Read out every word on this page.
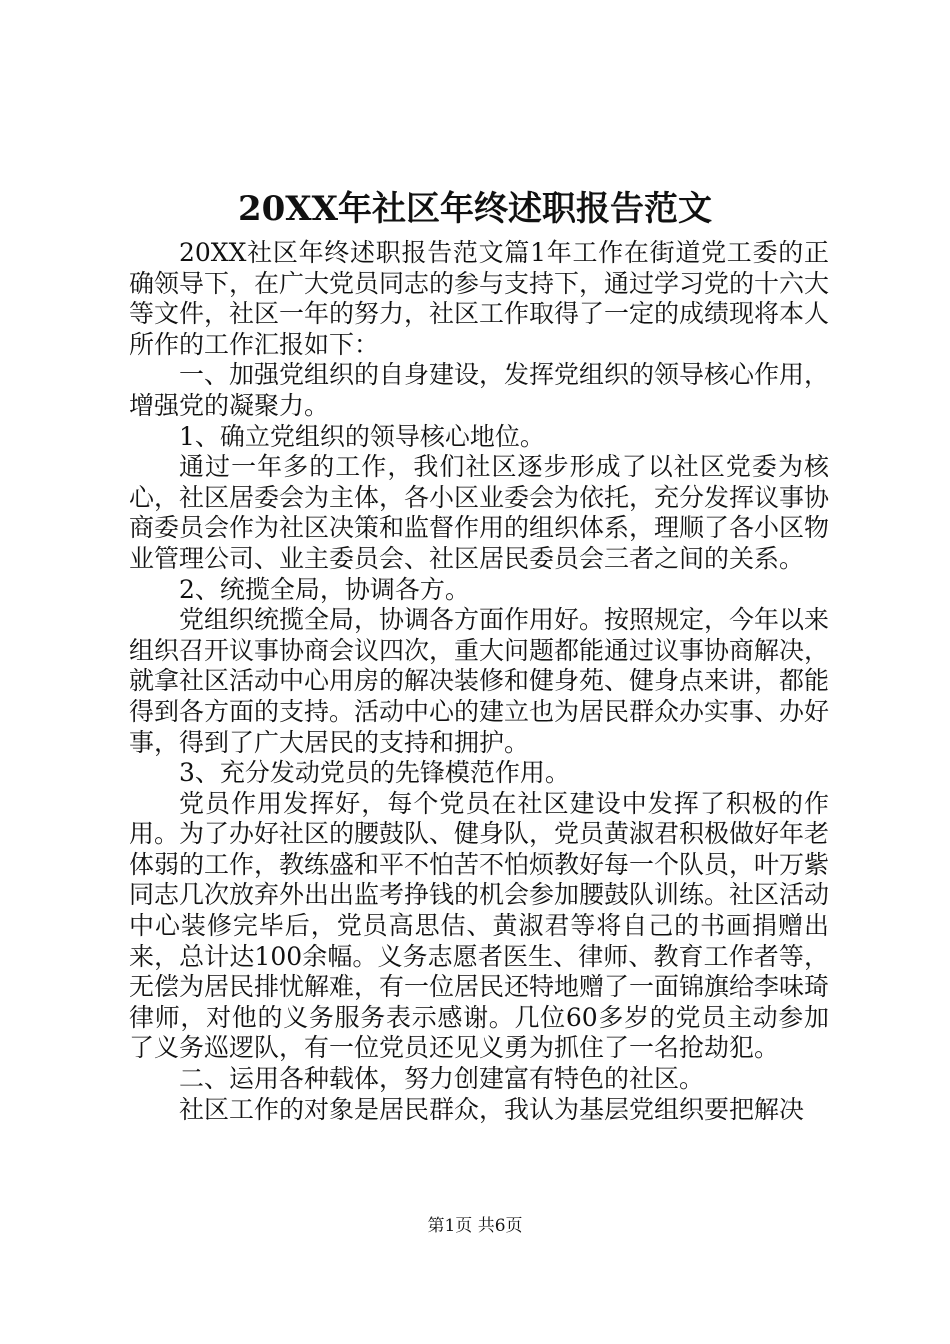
20XX年社区年终述职报告范文

20XX社区年终述职报告范文篇1年工作在街道党工委的正确领导下，在广大党员同志的参与支持下，通过学习党的十六大等文件，社区一年的努力，社区工作取得了一定的成绩现将本人所作的工作汇报如下：

一、加强党组织的自身建设，发挥党组织的领导核心作用，增强党的凝聚力。

1、确立党组织的领导核心地位。

通过一年多的工作，我们社区逐步形成了以社区党委为核心，社区居委会为主体，各小区业委会为依托，充分发挥议事协商委员会作为社区决策和监督作用的组织体系，理顺了各小区物业管理公司、业主委员会、社区居民委员会三者之间的关系。

2、统揽全局，协调各方。

党组织统揽全局，协调各方面作用好。按照规定，今年以来组织召开议事协商会议四次，重大问题都能通过议事协商解决，就拿社区活动中心用房的解决装修和健身苑、健身点来讲，都能得到各方面的支持。活动中心的建立也为居民群众办实事、办好事，得到了广大居民的支持和拥护。

3、充分发动党员的先锋模范作用。

党员作用发挥好，每个党员在社区建设中发挥了积极的作用。为了办好社区的腰鼓队、健身队，党员黄淑君积极做好年老体弱的工作，教练盛和平不怕苦不怕烦教好每一个队员，叶万紫同志几次放弃外出出监考挣钱的机会参加腰鼓队训练。社区活动中心装修完毕后，党员高思佶、黄淑君等将自己的书画捐赠出来，总计达100余幅。义务志愿者医生、律师、教育工作者等，无偿为居民排忧解难，有一位居民还特地赠了一面锦旗给李味琦律师，对他的义务服务表示感谢。几位60多岁的党员主动参加了义务巡逻队，有一位党员还见义勇为抓住了一名抢劫犯。

二、运用各种载体，努力创建富有特色的社区。

社区工作的对象是居民群众，我认为基层党组织要把解决

第1页 共6页
